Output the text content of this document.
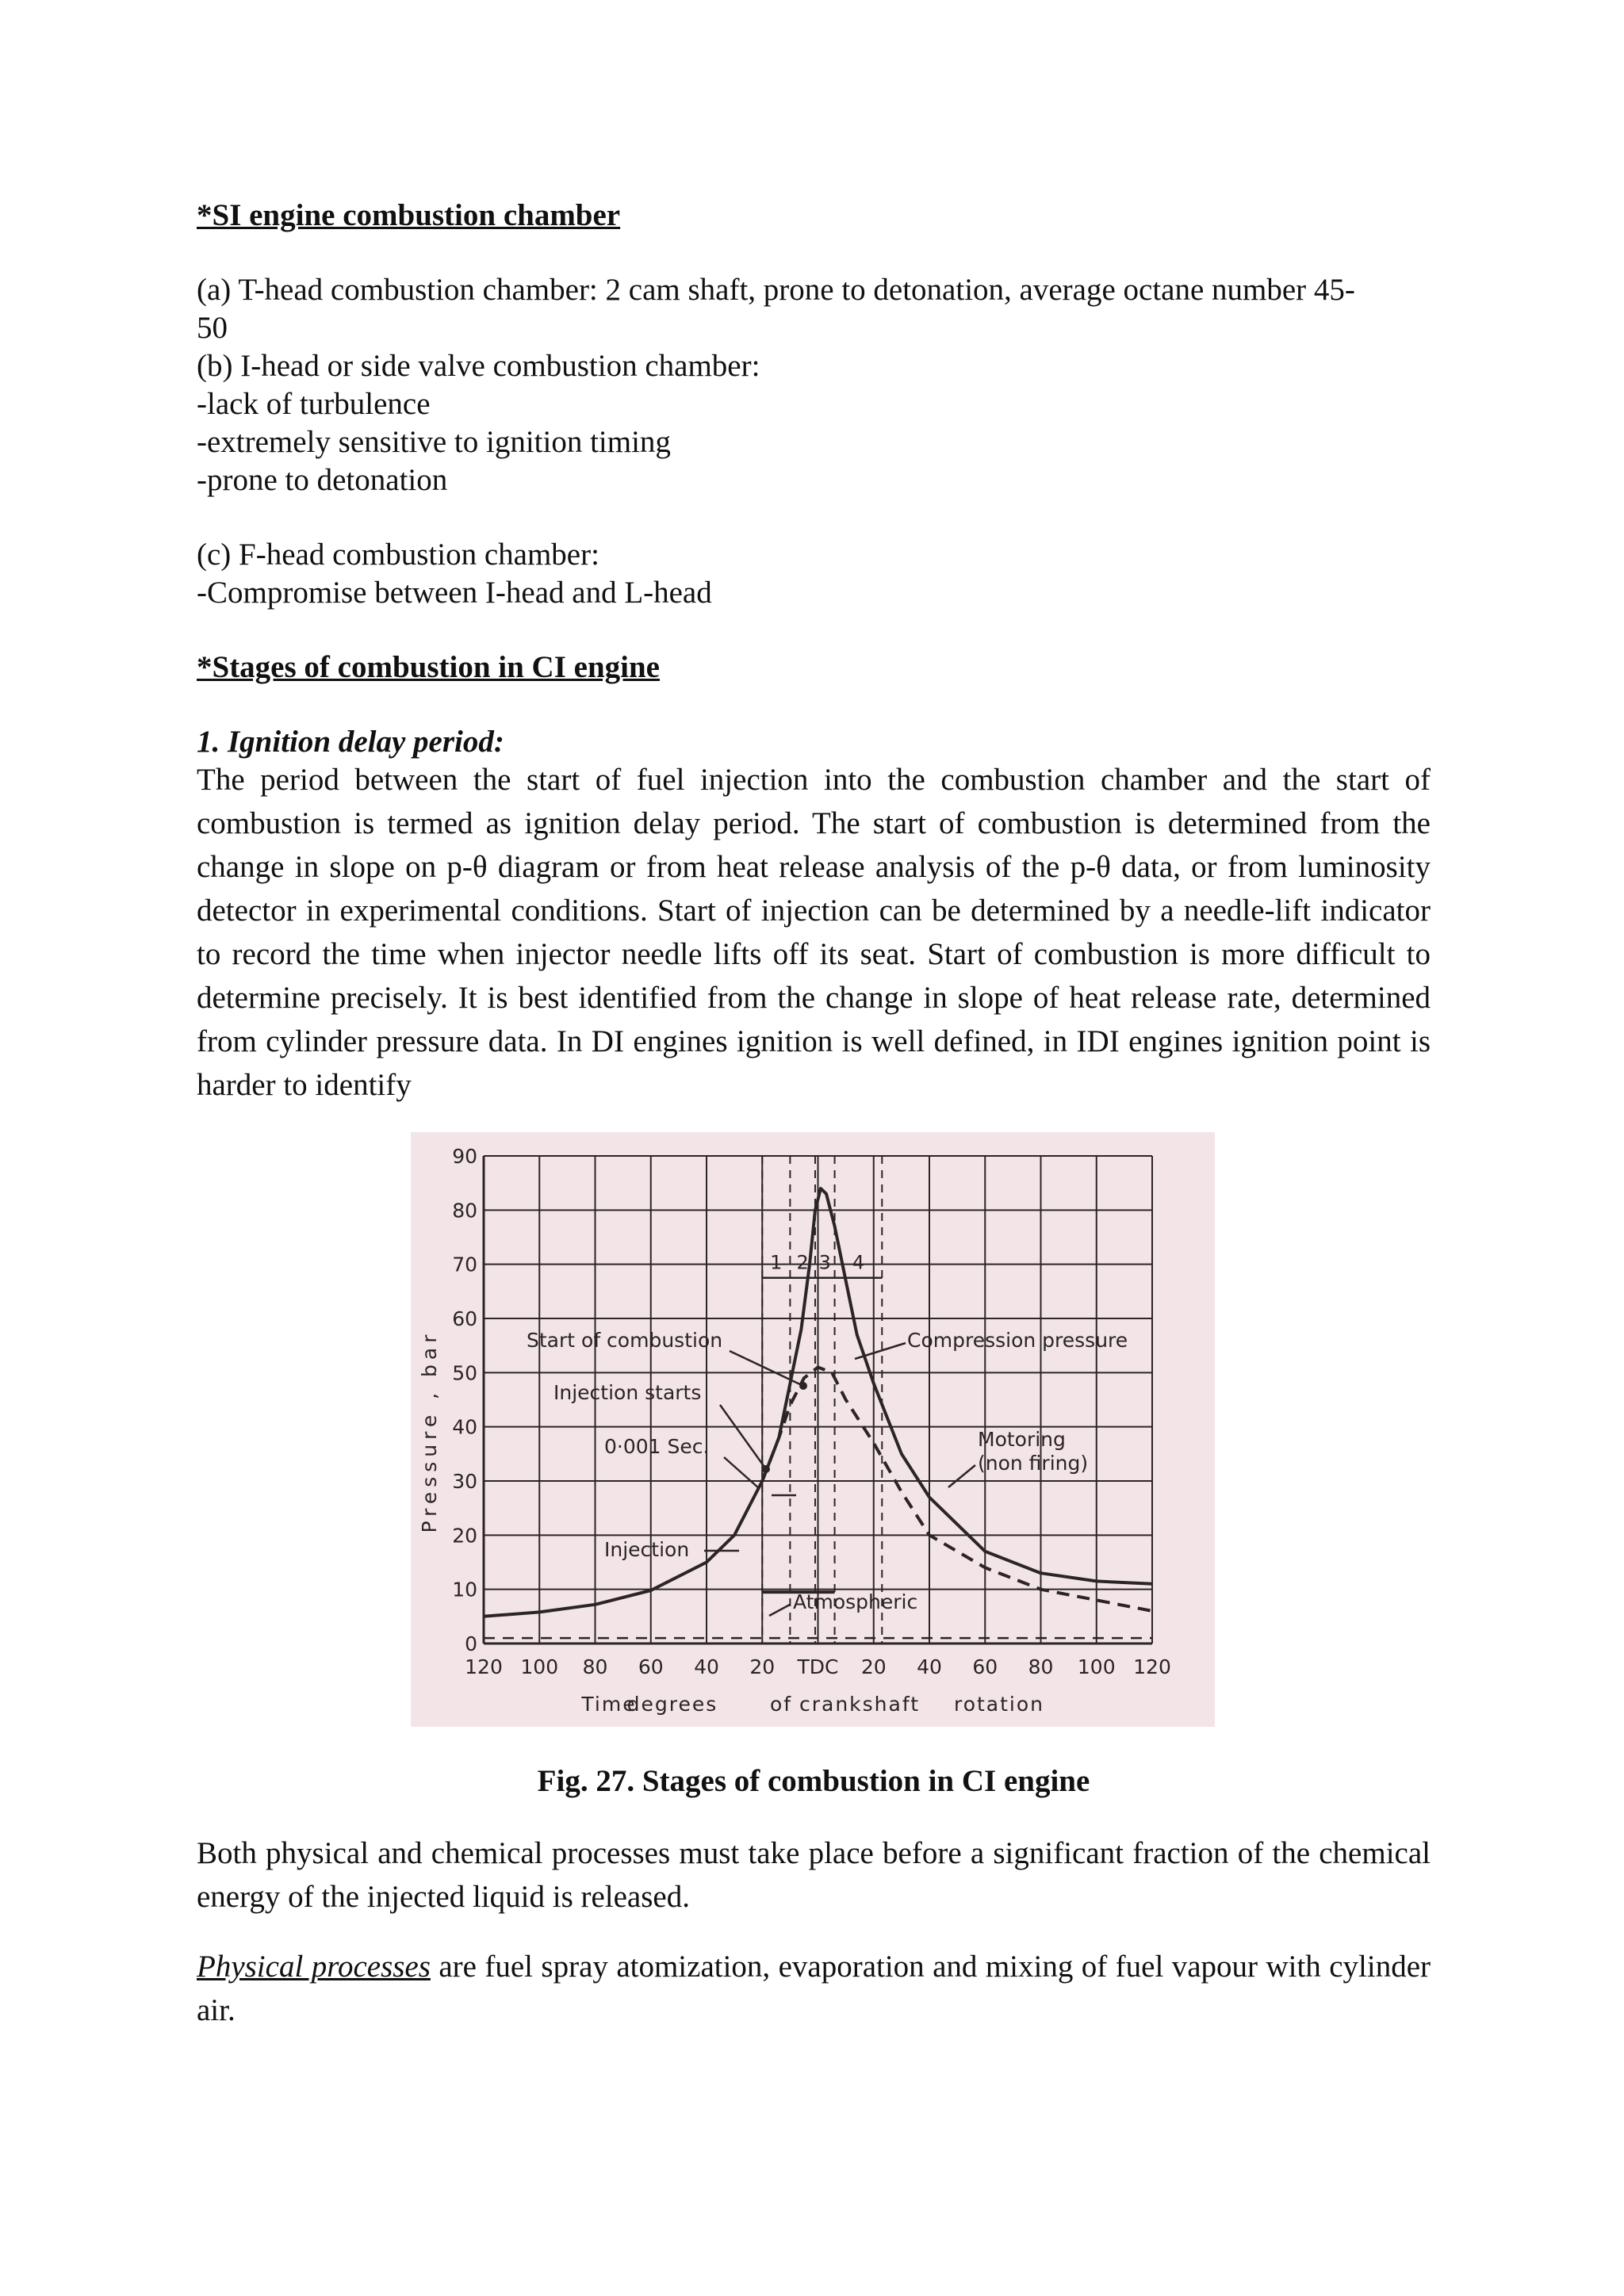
*SI engine combustion chamber
(a) T-head combustion chamber: 2 cam shaft, prone to detonation, average octane number 45-
50
(b) I-head or side valve combustion chamber:
-lack of turbulence
-extremely sensitive to ignition timing
-prone to detonation
(c) F-head combustion chamber:
-Compromise between I-head and L-head
*Stages of combustion in CI engine
1. Ignition delay period:
The period between the start of fuel injection into the combustion chamber and the start of combustion is termed as ignition delay period. The start of combustion is determined from the change in slope on p-θ diagram or from heat release analysis of the p-θ data, or from luminosity detector in experimental conditions. Start of injection can be determined by a needle-lift indicator to record the time when injector needle lifts off its seat. Start of combustion is more difficult to determine precisely. It is best identified from the change in slope of heat release rate, determined from cylinder pressure data. In DI engines ignition is well defined, in IDI engines ignition point is harder to identify
Fig. 27. Stages of combustion in CI engine
Both physical and chemical processes must take place before a significant fraction of the chemical energy of the injected liquid is released.
Physical processes are fuel spray atomization, evaporation and mixing of fuel vapour with cylinder air.
0
10
20
30
40
50
60
70
80
90
120 100 80 60 40 20 TDC 20 40 60 80 100 120
Time
degrees	of crankshaft rotation
Pressure , bar
1 2 3 4
Start of combustion
Injection starts
0·001 Sec.
Injection
Atmospheric
Compression pressure
Motoring
(non firing)
